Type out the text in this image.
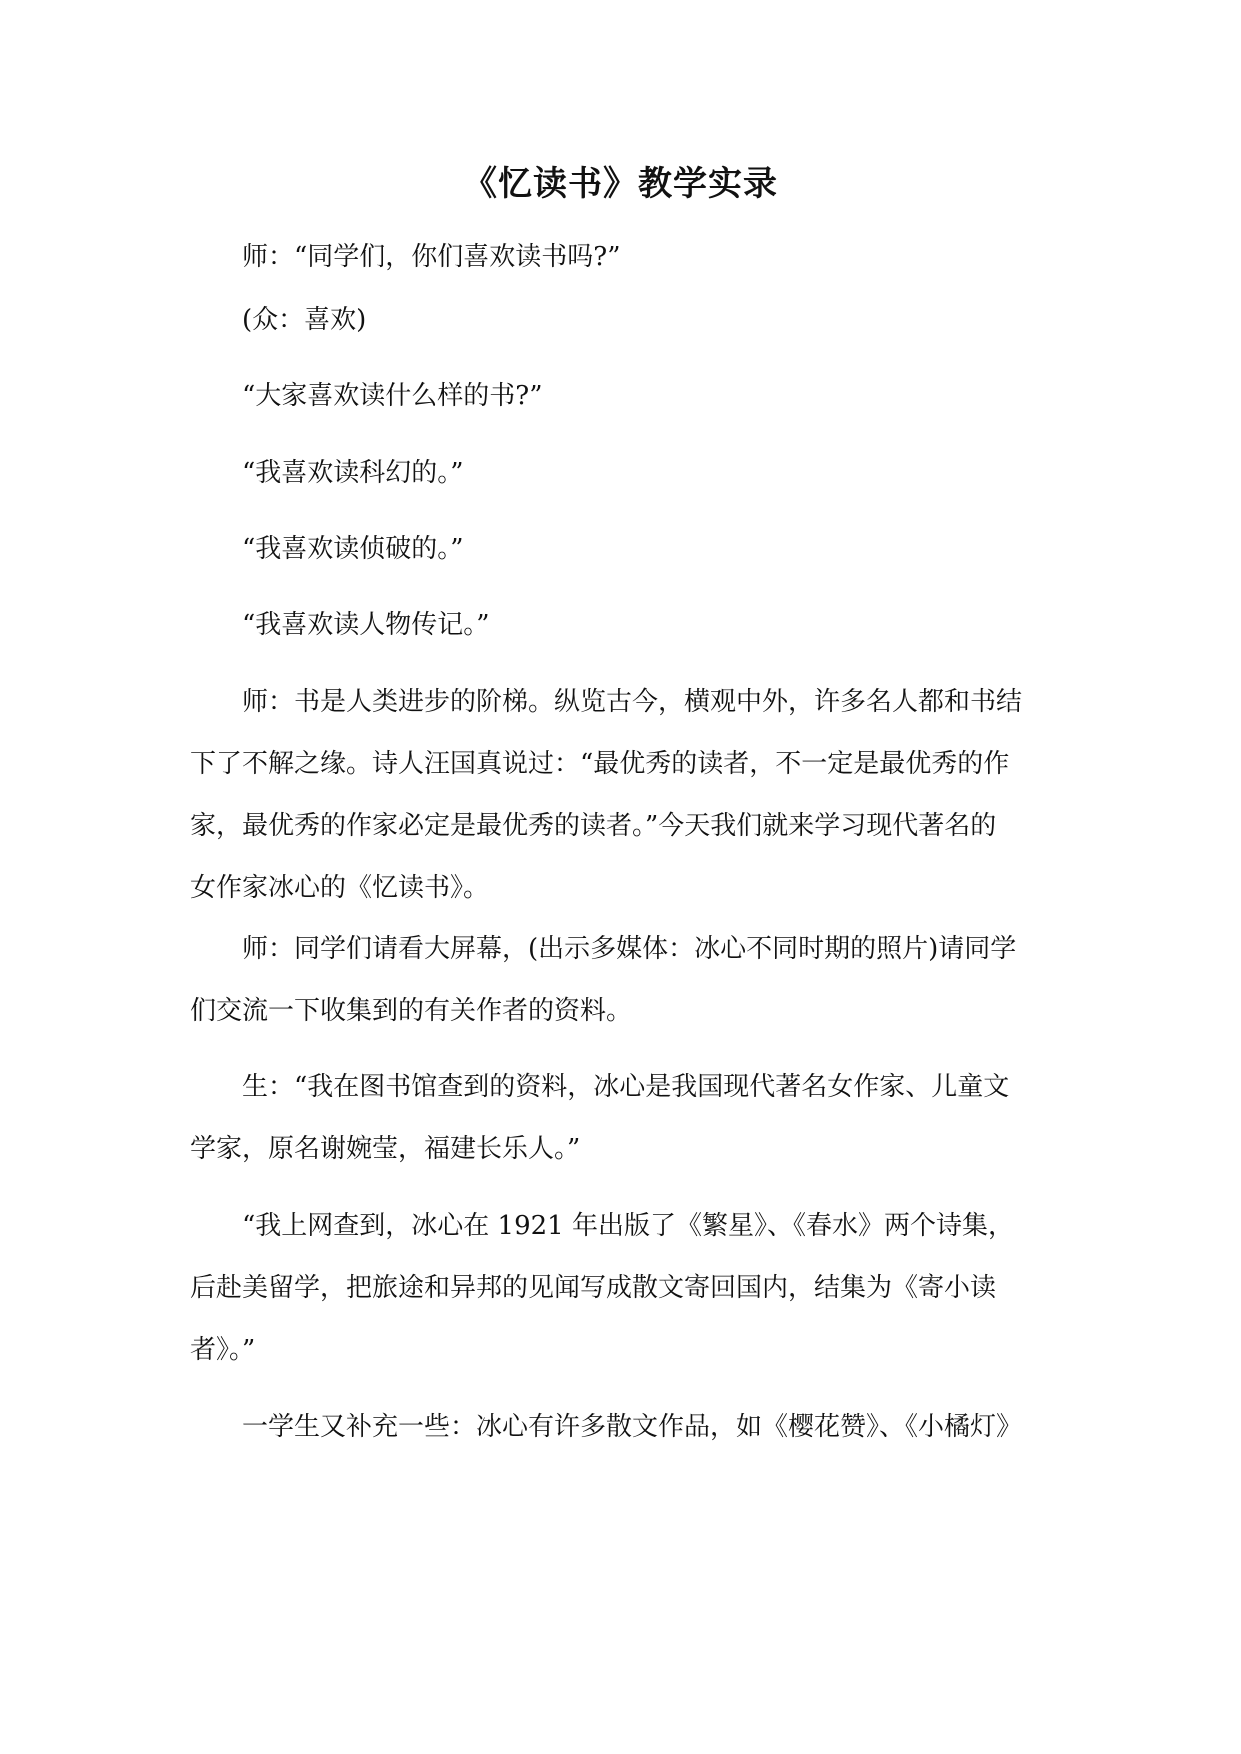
《忆读书》教学实录
师：“同学们，你们喜欢读书吗?”
(众：喜欢)
“大家喜欢读什么样的书?”
“我喜欢读科幻的。”
“我喜欢读侦破的。”
“我喜欢读人物传记。”
师：书是人类进步的阶梯。纵览古今，横观中外，许多名人都和书结
下了不解之缘。诗人汪国真说过：“最优秀的读者，不一定是最优秀的作
家，最优秀的作家必定是最优秀的读者。”今天我们就来学习现代著名的
女作家冰心的《忆读书》。
师：同学们请看大屏幕，(出示多媒体：冰心不同时期的照片)请同学
们交流一下收集到的有关作者的资料。
生：“我在图书馆查到的资料，冰心是我国现代著名女作家、儿童文
学家，原名谢婉莹，福建长乐人。”
“我上网查到，冰心在 1921 年出版了《繁星》、《春水》两个诗集，
后赴美留学，把旅途和异邦的见闻写成散文寄回国内，结集为《寄小读
者》。”
一学生又补充一些：冰心有许多散文作品，如《樱花赞》、《小橘灯》
